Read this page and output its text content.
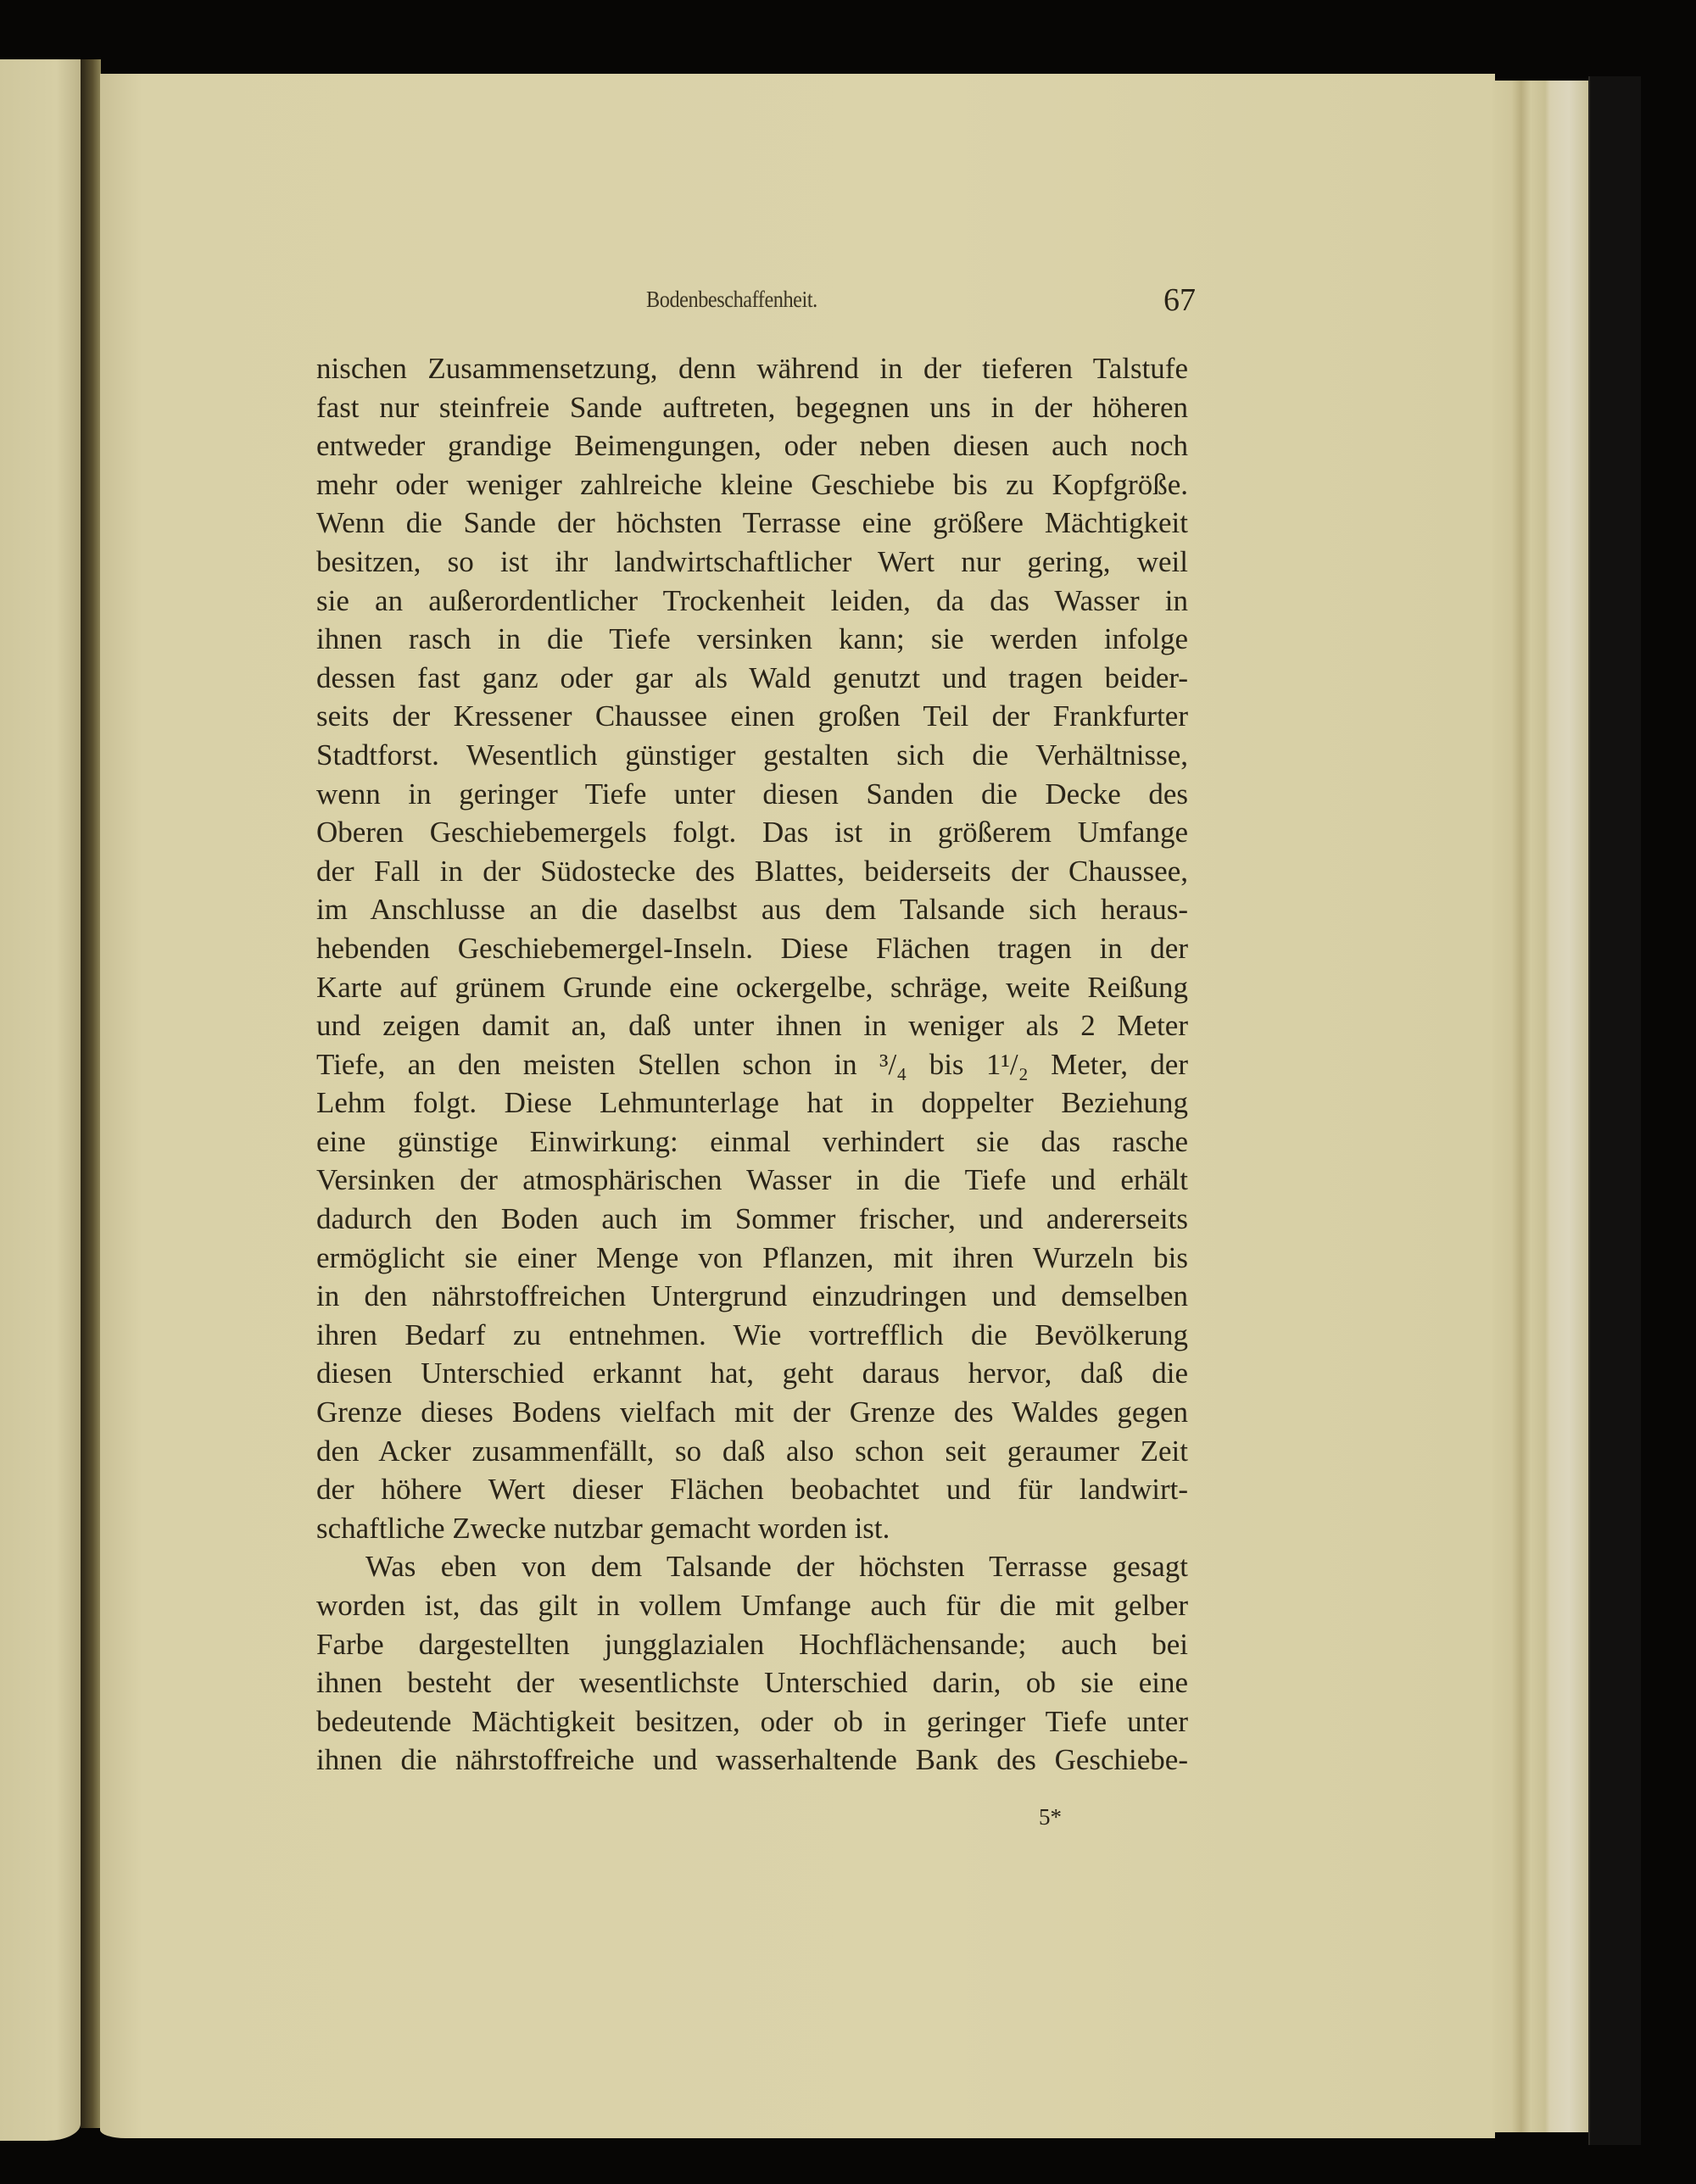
Bodenbeschaffenheit.	67
nischen Zusammensetzung, denn während in der tieferen Talstufe
fast nur steinfreie Sande auftreten, begegnen uns in der höheren
entweder grandige Beimengungen, oder neben diesen auch noch
mehr oder weniger zahlreiche kleine Geschiebe bis zu Kopfgröße.
Wenn die Sande der höchsten Terrasse eine größere Mächtigkeit
besitzen, so ist ihr landwirtschaftlicher Wert nur gering, weil
sie an außerordentlicher Trockenheit leiden, da das Wasser in
ihnen rasch in die Tiefe versinken kann; sie werden infolge
dessen fast ganz oder gar als Wald genutzt und tragen beider-
seits der Kressener Chaussee einen großen Teil der Frankfurter
Stadtforst. Wesentlich günstiger gestalten sich die Verhältnisse,
wenn in geringer Tiefe unter diesen Sanden die Decke des
Oberen Geschiebemergels folgt. Das ist in größerem Umfange
der Fall in der Südostecke des Blattes, beiderseits der Chaussee,
im Anschlusse an die daselbst aus dem Talsande sich heraus-
hebenden Geschiebemergel-Inseln. Diese Flächen tragen in der
Karte auf grünem Grunde eine ockergelbe, schräge, weite Reißung
und zeigen damit an, daß unter ihnen in weniger als 2 Meter
Tiefe, an den meisten Stellen schon in ³/₄ bis 1¹/₂ Meter, der
Lehm folgt. Diese Lehmunterlage hat in doppelter Beziehung
eine günstige Einwirkung: einmal verhindert sie das rasche
Versinken der atmosphärischen Wasser in die Tiefe und erhält
dadurch den Boden auch im Sommer frischer, und andererseits
ermöglicht sie einer Menge von Pflanzen, mit ihren Wurzeln bis
in den nährstoffreichen Untergrund einzudringen und demselben
ihren Bedarf zu entnehmen. Wie vortrefflich die Bevölkerung
diesen Unterschied erkannt hat, geht daraus hervor, daß die
Grenze dieses Bodens vielfach mit der Grenze des Waldes gegen
den Acker zusammenfällt, so daß also schon seit geraumer Zeit
der höhere Wert dieser Flächen beobachtet und für landwirt-
schaftliche Zwecke nutzbar gemacht worden ist.
Was eben von dem Talsande der höchsten Terrasse gesagt
worden ist, das gilt in vollem Umfange auch für die mit gelber
Farbe dargestellten jungglazialen Hochflächensande; auch bei
ihnen besteht der wesentlichste Unterschied darin, ob sie eine
bedeutende Mächtigkeit besitzen, oder ob in geringer Tiefe unter
ihnen die nährstoffreiche und wasserhaltende Bank des Geschiebe-
5*
